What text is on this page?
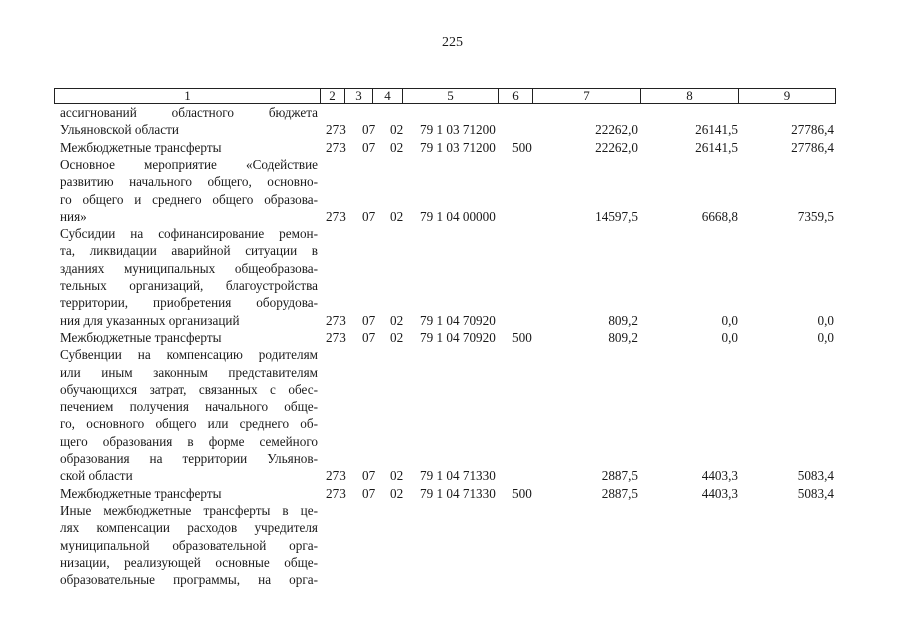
225
1	2	3	4	5	6	7	8	9
ассигнований областного бюджета
Ульяновской области	273 07 02 79 1 03 71200	22262,0	26141,5	27786,4
Межбюджетные трансферты	273 07 02 79 1 03 71200 500	22262,0	26141,5	27786,4
Основное мероприятие «Содействие
развитию начального общего, основно-
го общего и среднего общего образова-
ния»	273 07 02 79 1 04 00000	14597,5	6668,8	7359,5
Субсидии на софинансирование ремон-
та, ликвидации аварийной ситуации в
зданиях муниципальных общеобразова-
тельных организаций, благоустройства
территории, приобретения оборудова-
ния для указанных организаций	273 07 02 79 1 04 70920	809,2	0,0	0,0
Межбюджетные трансферты	273 07 02 79 1 04 70920 500	809,2	0,0	0,0
Субвенции на компенсацию родителям
или иным законным представителям
обучающихся затрат, связанных с обес-
печением получения начального обще-
го, основного общего или среднего об-
щего образования в форме семейного
образования на территории Ульянов-
ской области	273 07 02 79 1 04 71330	2887,5	4403,3	5083,4
Межбюджетные трансферты	273 07 02 79 1 04 71330 500	2887,5	4403,3	5083,4
Иные межбюджетные трансферты в це-
лях компенсации расходов учредителя
муниципальной образовательной орга-
низации, реализующей основные обще-
образовательные программы, на орга-
